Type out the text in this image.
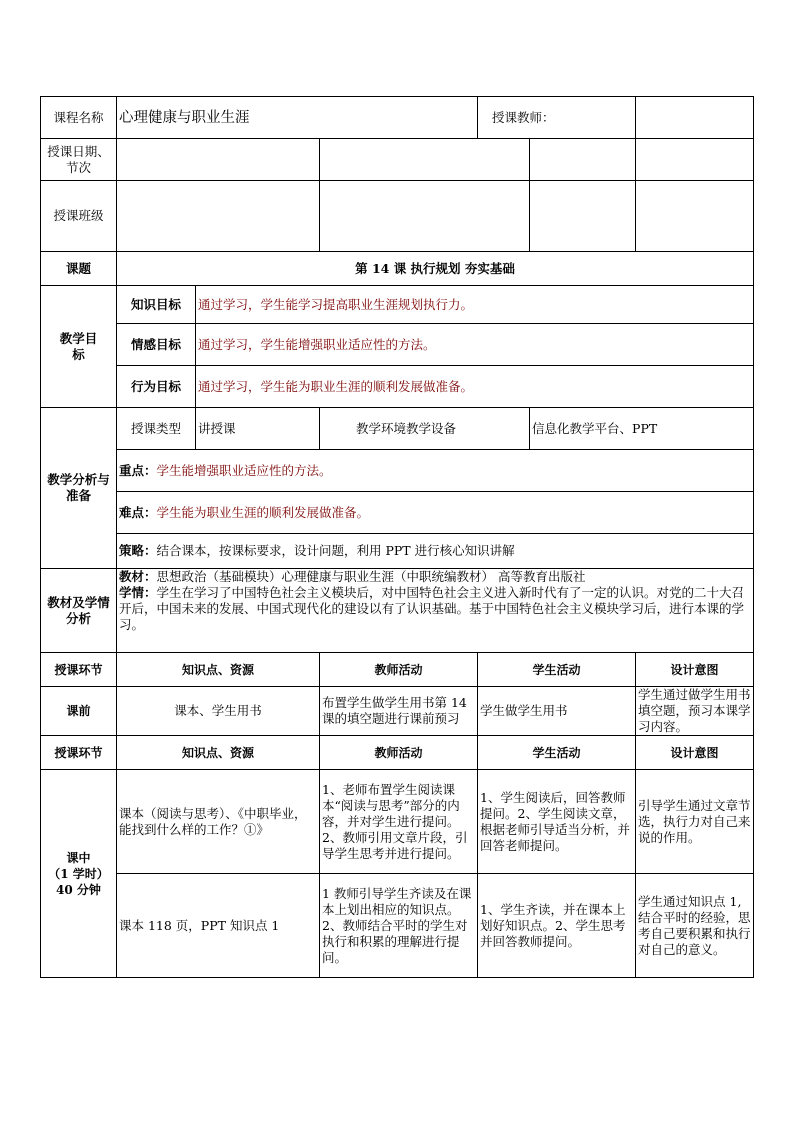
课程名称	心理健康与职业生涯			授课教师：		
授课日期、节次						
授课班级						
课题	第 14 课 执行规划 夯实基础					
教学目标	知识目标	通过学习，学生能学习提高职业生涯规划执行力。				
	情感目标	通过学习，学生能增强职业适应性的方法。				
	行为目标	通过学习，学生能为职业生涯的顺利发展做准备。				
教学分析与准备	授课类型	讲授课	教学环境教学设备		信息化教学平台、PPT	
	重点：学生能增强职业适应性的方法。					
	难点：学生能为职业生涯的顺利发展做准备。					
	策略：结合课本，按课标要求，设计问题，利用 PPT 进行核心知识讲解					
教材及学情分析	教材：思想政治（基础模块）心理健康与职业生涯（中职统编教材） 高等教育出版社
学情：学生在学习了中国特色社会主义模块后，对中国特色社会主义进入新时代有了一定的认识。对党的二十大召开后，中国未来的发展、中国式现代化的建设以有了认识基础。基于中国特色社会主义模块学习后，进行本课的学习。					

授课环节	知识点、资源		教师活动	学生活动		设计意图
课前	课本、学生用书		布置学生做学生用书第 14 课的填空题进行课前预习	学生做学生用书		学生通过做学生用书填空题，预习本课学习内容。
授课环节	知识点、资源		教师活动	学生活动		设计意图

课中
（1 学时）
40 分钟	课本（阅读与思考）、《中职毕业，能找到什么样的工作？①》		1、老师布置学生阅读课本“阅读与思考”部分的内容，并对学生进行提问。2、教师引用文章片段，引导学生思考并进行提问。	1、学生阅读后，回答教师提问。2、学生阅读文章，根据老师引导适当分析，并回答老师提问。		引导学生通过文章节选，执行力对自己来说的作用。
	课本 118 页，PPT 知识点 1		1 教师引导学生齐读及在课本上划出相应的知识点。2、教师结合平时的学生对执行和积累的理解进行提问。	1、学生齐读，并在课本上划好知识点。2、学生思考并回答教师提问。		学生通过知识点 1,结合平时的经验，思考自己要积累和执行对自己的意义。
